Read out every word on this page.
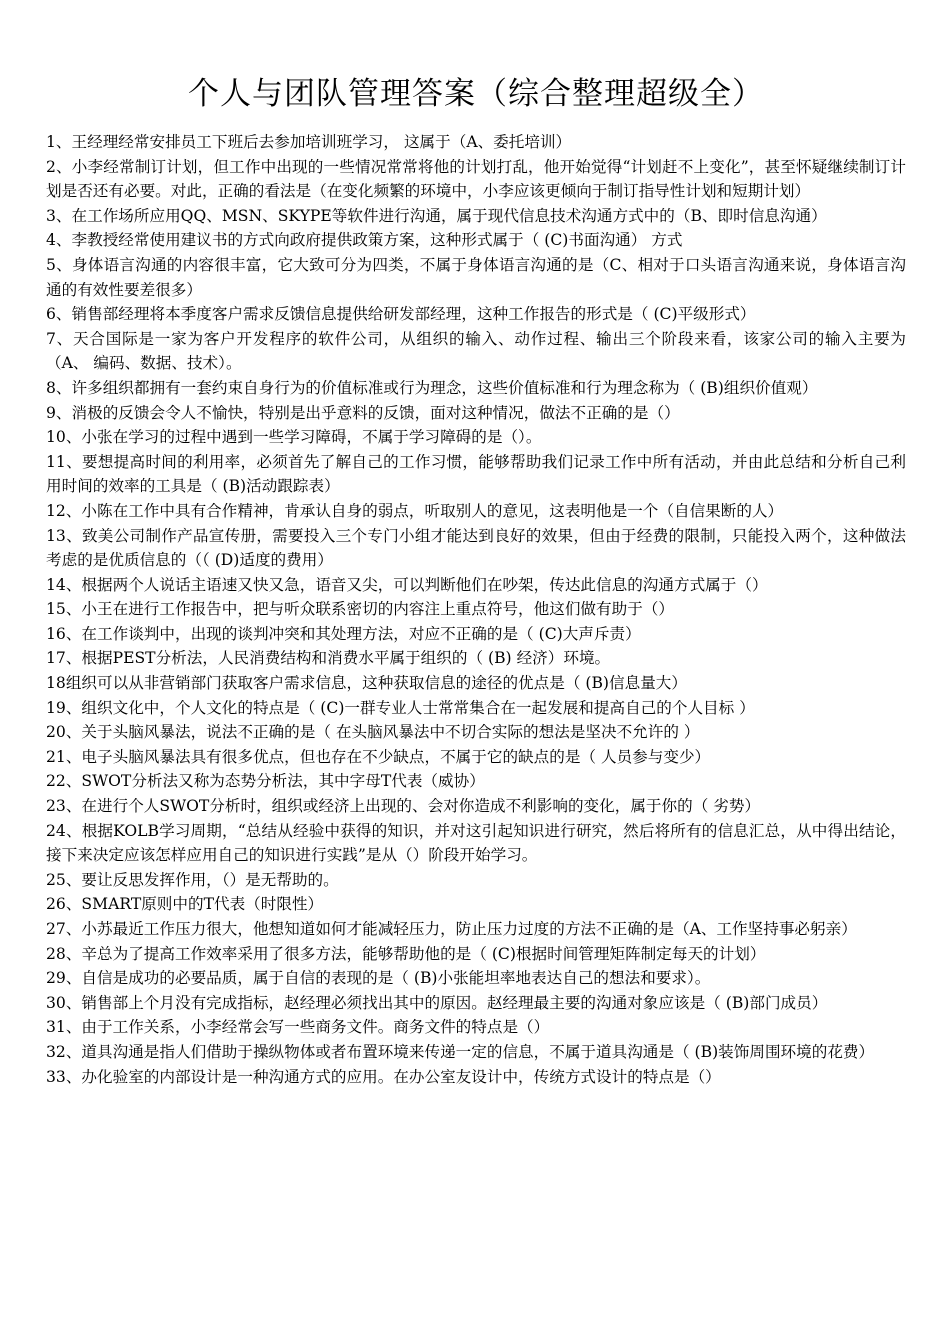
个人与团队管理答案（综合整理超级全）
1、王经理经常安排员工下班后去参加培训班学习， 这属于（A、委托培训）
2、小李经常制订计划，但工作中出现的一些情况常常将他的计划打乱，他开始觉得“计划赶不上变化”，甚至怀疑继续制订计划是否还有必要。对此，正确的看法是（在变化频繁的环境中，小李应该更倾向于制订指导性计划和短期计划）
3、在工作场所应用QQ、MSN、SKYPE等软件进行沟通，属于现代信息技术沟通方式中的（B、即时信息沟通）
4、李教授经常使用建议书的方式向政府提供政策方案，这种形式属于（ (C)书面沟通） 方式
5、身体语言沟通的内容很丰富，它大致可分为四类，不属于身体语言沟通的是（C、相对于口头语言沟通来说，身体语言沟通的有效性要差很多）
6、销售部经理将本季度客户需求反馈信息提供给研发部经理，这种工作报告的形式是（ (C)平级形式）
7、天合国际是一家为客户开发程序的软件公司，从组织的输入、动作过程、输出三个阶段来看，该家公司的输入主要为（A、 编码、数据、技术）。
8、许多组织都拥有一套约束自身行为的价值标准或行为理念，这些价值标准和行为理念称为（ (B)组织价值观）
9、消极的反馈会令人不愉快，特别是出乎意料的反馈，面对这种情况，做法不正确的是（）
10、小张在学习的过程中遇到一些学习障碍，不属于学习障碍的是（）。
11、要想提高时间的利用率，必须首先了解自己的工作习惯，能够帮助我们记录工作中所有活动，并由此总结和分析自己利用时间的效率的工具是（ (B)活动跟踪表）
12、小陈在工作中具有合作精神，肯承认自身的弱点，听取别人的意见，这表明他是一个（自信果断的人）
13、致美公司制作产品宣传册，需要投入三个专门小组才能达到良好的效果，但由于经费的限制，只能投入两个，这种做法考虑的是优质信息的（（ (D)适度的费用）
14、根据两个人说话主语速又快又急，语音又尖，可以判断他们在吵架，传达此信息的沟通方式属于（）
15、小王在进行工作报告中，把与听众联系密切的内容注上重点符号，他这们做有助于（）
16、在工作谈判中，出现的谈判冲突和其处理方法，对应不正确的是（ (C)大声斥责）
17、根据PEST分析法，人民消费结构和消费水平属于组织的（ (B) 经济）环境。
18组织可以从非营销部门获取客户需求信息，这种获取信息的途径的优点是（ (B)信息量大）
19、组织文化中，个人文化的特点是（ (C)一群专业人士常常集合在一起发展和提高自己的个人目标 ）
20、关于头脑风暴法，说法不正确的是（ 在头脑风暴法中不切合实际的想法是坚决不允许的 ）
21、电子头脑风暴法具有很多优点，但也存在不少缺点，不属于它的缺点的是（ 人员参与变少）
22、SWOT分析法又称为态势分析法，其中字母T代表（威协）
23、在进行个人SWOT分析时，组织或经济上出现的、会对你造成不利影响的变化，属于你的（ 劣势）
24、根据KOLB学习周期，“总结从经验中获得的知识，并对这引起知识进行研究，然后将所有的信息汇总，从中得出结论，接下来决定应该怎样应用自己的知识进行实践”是从（）阶段开始学习。
25、要让反思发挥作用，（）是无帮助的。
26、SMART原则中的T代表（时限性）
27、小苏最近工作压力很大，他想知道如何才能减轻压力，防止压力过度的方法不正确的是（A、工作坚持事必躬亲）
28、辛总为了提高工作效率采用了很多方法，能够帮助他的是（ (C)根据时间管理矩阵制定每天的计划）
29、自信是成功的必要品质，属于自信的表现的是（ (B)小张能坦率地表达自己的想法和要求）。
30、销售部上个月没有完成指标，赵经理必须找出其中的原因。赵经理最主要的沟通对象应该是（ (B)部门成员）
31、由于工作关系，小李经常会写一些商务文件。商务文件的特点是（）
32、道具沟通是指人们借助于操纵物体或者布置环境来传递一定的信息，不属于道具沟通是（ (B)装饰周围环境的花费）
33、办化验室的内部设计是一种沟通方式的应用。在办公室友设计中，传统方式设计的特点是（）
